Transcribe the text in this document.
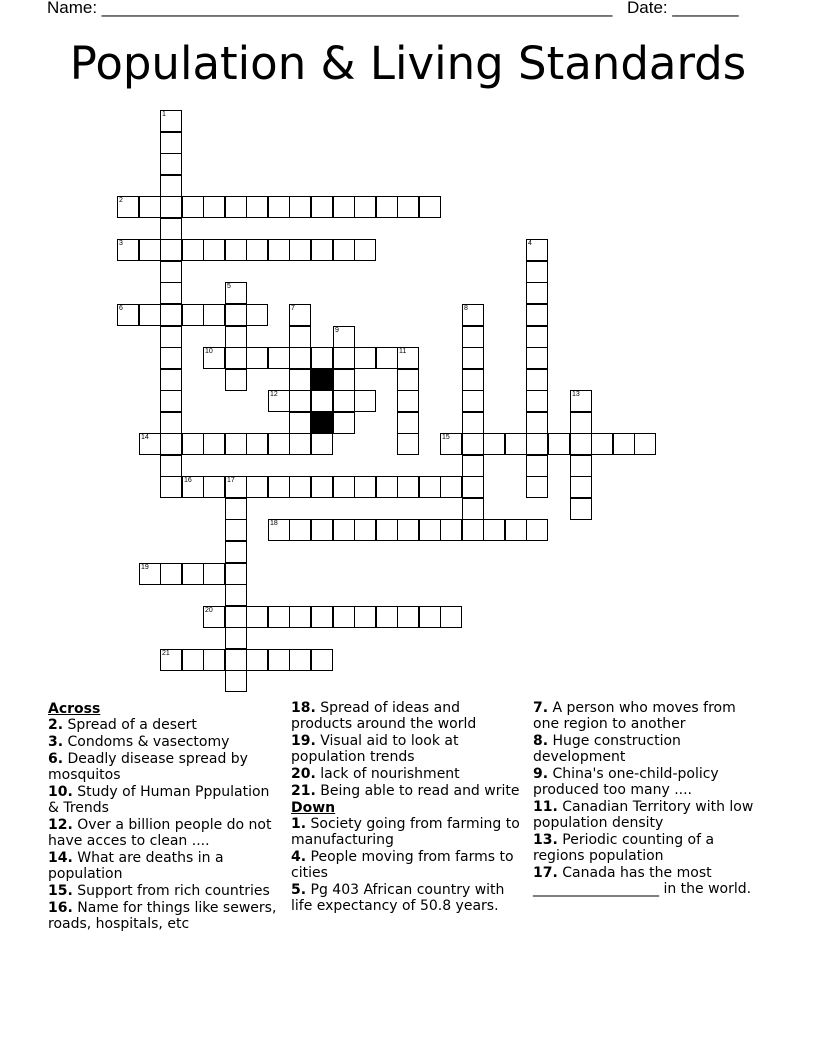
Name: ______________________________________________________ Date: _______
Population & Living Standards
1
2
3	4
5
6	7	8
9
10	11
12	13
14	15
16	17
18
19
20
21
Across
2. Spread of a desert
3. Condoms & vasectomy
6. Deadly disease spread by mosquitos
10. Study of Human Pppulation & Trends
12. Over a billion people do not have acces to clean ....
14. What are deaths in a population
15. Support from rich countries
16. Name for things like sewers, roads, hospitals, etc
18. Spread of ideas and products around the world
19. Visual aid to look at population trends
20. lack of nourishment
21. Being able to read and write
Down
1. Society going from farming to manufacturing
4. People moving from farms to cities
5. Pg 403 African country with life expectancy of 50.8 years.
7. A person who moves from one region to another
8. Huge construction development
9. China's one-child-policy produced too many ....
11. Canadian Territory with low population density
13. Periodic counting of a regions population
17. Canada has the most __________________ in the world.
